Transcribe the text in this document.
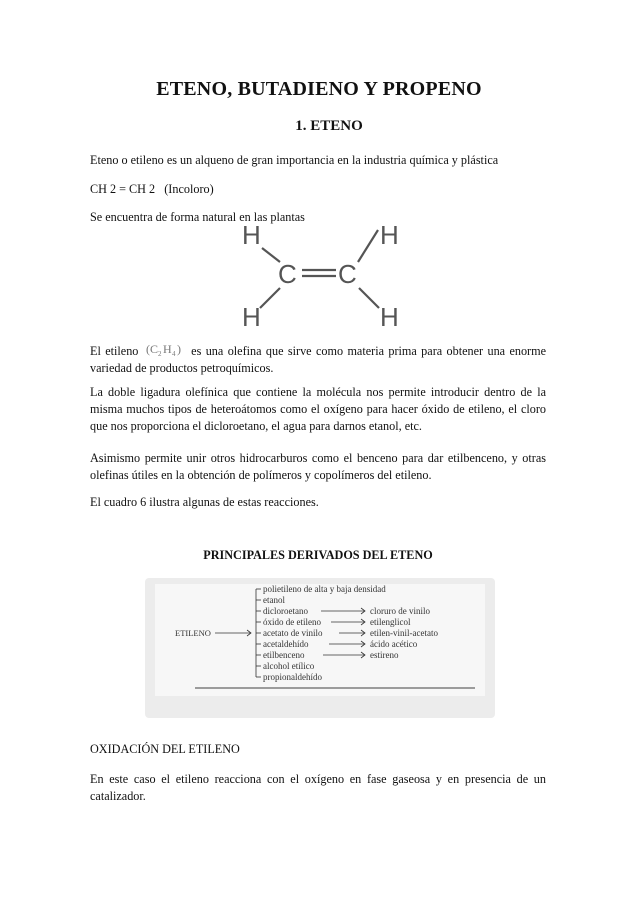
ETENO, BUTADIENO Y PROPENO
1. ETENO
Eteno o etileno es un alqueno de gran importancia en la industria química y plástica
CH 2 = CH 2   (Incoloro)
Se encuentra de forma natural en las plantas
H	H
C C
H	H
El etileno ( C 2 H 4 ) es una olefina que sirve como materia prima para obtener una enorme variedad de productos petroquímicos.
La doble ligadura olefínica que contiene la molécula nos permite introducir dentro de la misma muchos tipos de heteroátomos como el oxígeno para hacer óxido de etileno, el cloro que nos proporciona el dicloroetano, el agua para darnos etanol, etc.
Asimismo permite unir otros hidrocarburos como el benceno para dar etilbenceno, y otras olefinas útiles en la obtención de polímeros y copolímeros del etileno.
El cuadro 6 ilustra algunas de estas reacciones.
PRINCIPALES DERIVADOS DEL ETENO
ETILENO
polietileno de alta y baja densidad
etanol
dicloroetano
óxido de etileno
acetato de vinilo
acetaldehído
etilbenceno
alcohol etílico
propionaldehído
cloruro de vinilo
etilenglicol
etilen-vinil-acetato
ácido acético
estireno
OXIDACIÓN DEL ETILENO
En este caso el etileno reacciona con el oxígeno en fase gaseosa y en presencia de un catalizador.
